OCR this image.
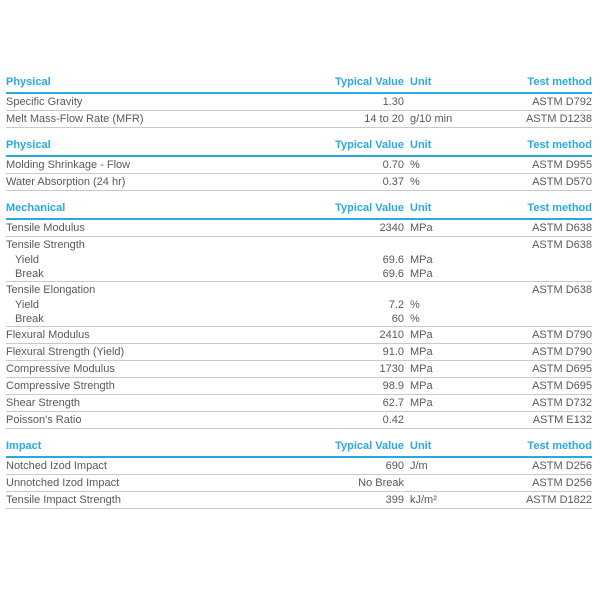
Physical	Typical Value	Unit	Test method
Specific Gravity	1.30		ASTM D792
Melt Mass-Flow Rate (MFR)	14 to 20	g/10 min	ASTM D1238
Physical	Typical Value	Unit	Test method
Molding Shrinkage - Flow	0.70	%	ASTM D955
Water Absorption (24 hr)	0.37	%	ASTM D570
Mechanical	Typical Value	Unit	Test method
Tensile Modulus	2340	MPa	ASTM D638
Tensile Strength			ASTM D638
Yield	69.6	MPa	
Break	69.6	MPa	
Tensile Elongation			ASTM D638
Yield	7.2	%	
Break	60	%	
Flexural Modulus	2410	MPa	ASTM D790
Flexural Strength (Yield)	91.0	MPa	ASTM D790
Compressive Modulus	1730	MPa	ASTM D695
Compressive Strength	98.9	MPa	ASTM D695
Shear Strength	62.7	MPa	ASTM D732
Poisson's Ratio	0.42		ASTM E132
Impact	Typical Value	Unit	Test method
Notched Izod Impact	690	J/m	ASTM D256
Unnotched Izod Impact	No Break		ASTM D256
Tensile Impact Strength	399	kJ/m²	ASTM D1822
